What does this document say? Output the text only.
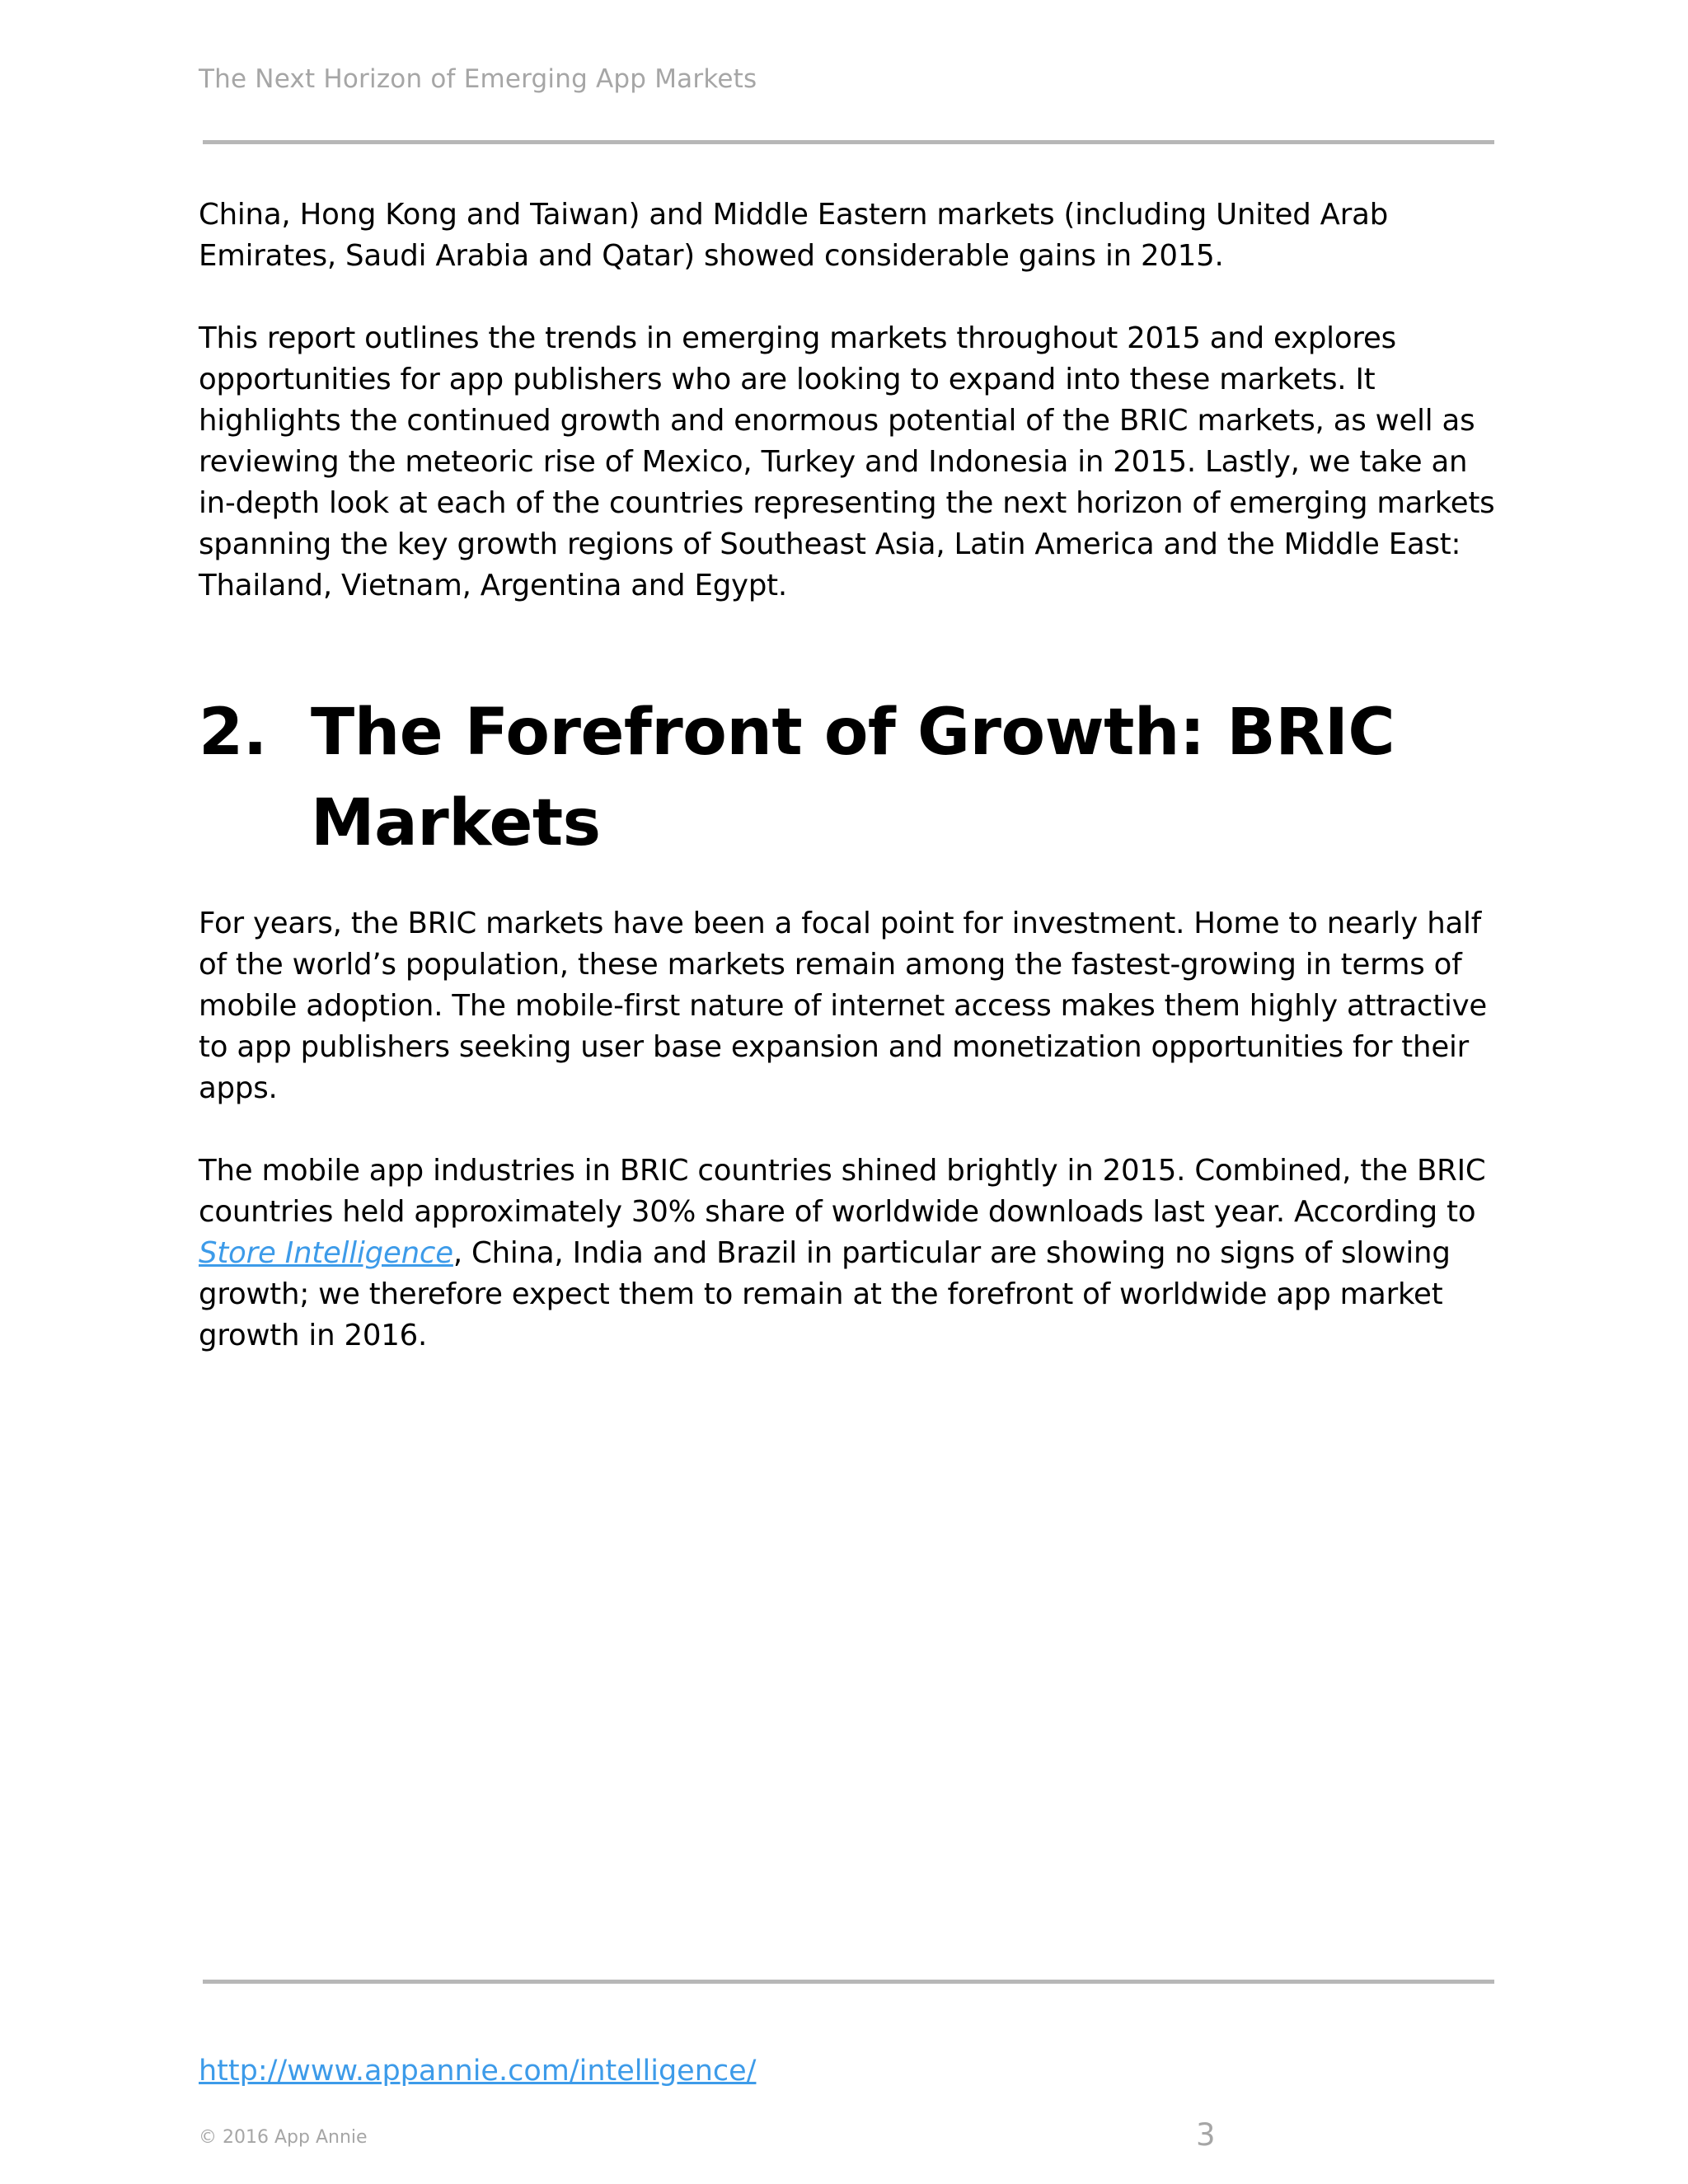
The Next Horizon of Emerging App Markets

China, Hong Kong and Taiwan) and Middle Eastern markets (including United Arab Emirates, Saudi Arabia and Qatar) showed considerable gains in 2015.

This report outlines the trends in emerging markets throughout 2015 and explores opportunities for app publishers who are looking to expand into these markets. It highlights the continued growth and enormous potential of the BRIC markets, as well as reviewing the meteoric rise of Mexico, Turkey and Indonesia in 2015. Lastly, we take an in-depth look at each of the countries representing the next horizon of emerging markets spanning the key growth regions of Southeast Asia, Latin America and the Middle East: Thailand, Vietnam, Argentina and Egypt.

2. The Forefront of Growth: BRIC Markets

For years, the BRIC markets have been a focal point for investment. Home to nearly half of the world’s population, these markets remain among the fastest-growing in terms of mobile adoption. The mobile-first nature of internet access makes them highly attractive to app publishers seeking user base expansion and monetization opportunities for their apps.

The mobile app industries in BRIC countries shined brightly in 2015. Combined, the BRIC countries held approximately 30% share of worldwide downloads last year. According to Store Intelligence, China, India and Brazil in particular are showing no signs of slowing growth; we therefore expect them to remain at the forefront of worldwide app market growth in 2016.

http://www.appannie.com/intelligence/
© 2016 App Annie	3
